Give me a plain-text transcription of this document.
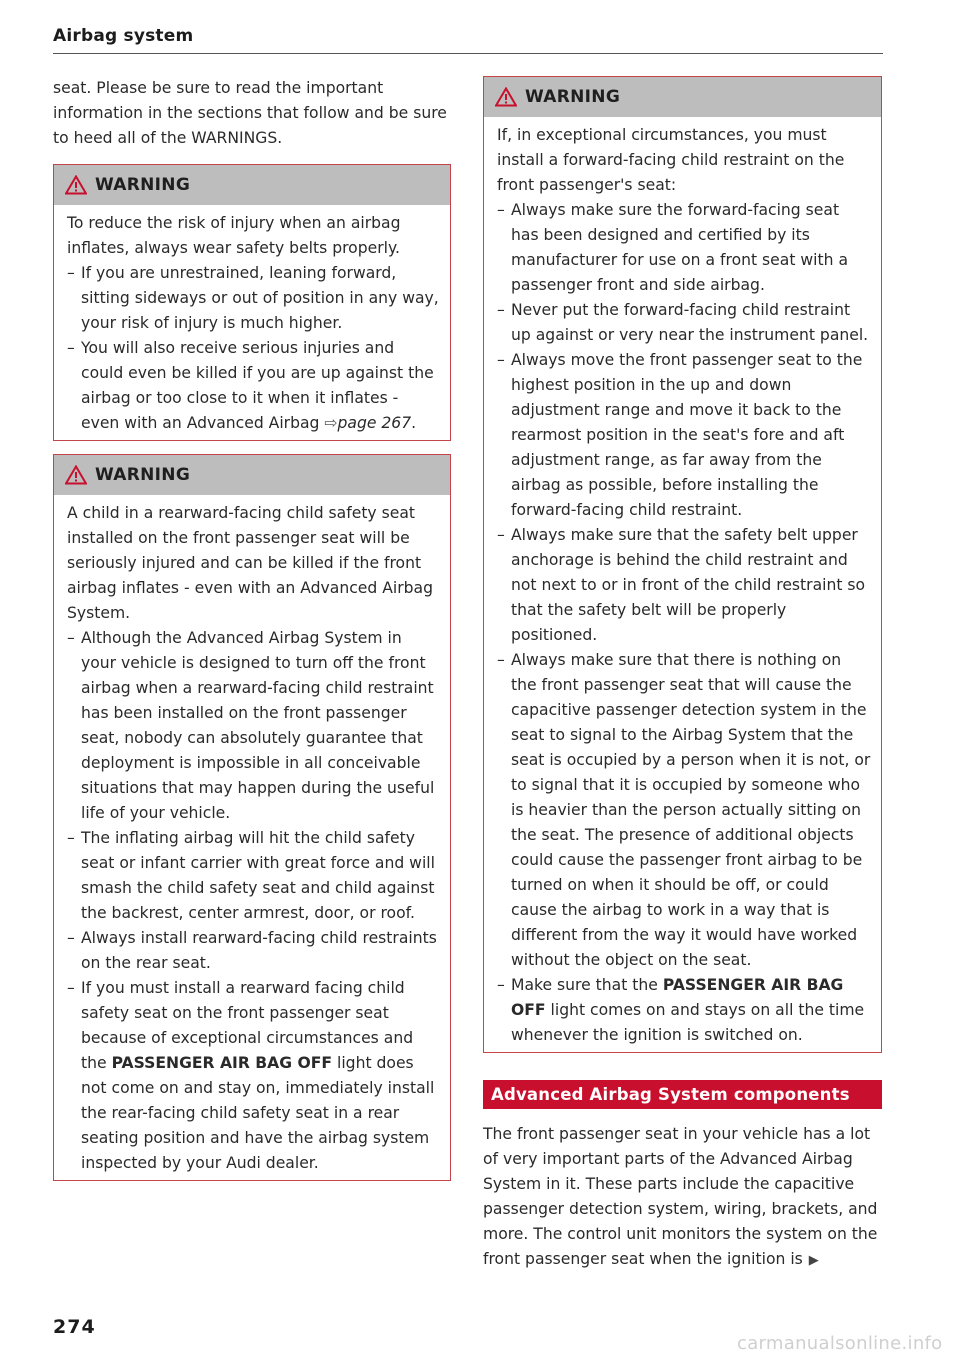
Airbag system

seat. Please be sure to read the important information in the sections that follow and be sure to heed all of the WARNINGS.

WARNING

To reduce the risk of injury when an airbag inflates, always wear safety belts properly.

– If you are unrestrained, leaning forward, sitting sideways or out of position in any way, your risk of injury is much higher.
– You will also receive serious injuries and could even be killed if you are up against the airbag or too close to it when it inflates - even with an Advanced Airbag ⇨page 267.
WARNING

A child in a rearward-facing child safety seat installed on the front passenger seat will be seriously injured and can be killed if the front airbag inflates - even with an Advanced Airbag System.

– Although the Advanced Airbag System in your vehicle is designed to turn off the front airbag when a rearward-facing child restraint has been installed on the front passenger seat, nobody can absolutely guarantee that deployment is impossible in all conceivable situations that may happen during the useful life of your vehicle.
– The inflating airbag will hit the child safety seat or infant carrier with great force and will smash the child safety seat and child against the backrest, center armrest, door, or roof.
– Always install rearward-facing child restraints on the rear seat.
– If you must install a rearward facing child safety seat on the front passenger seat because of exceptional circumstances and the PASSENGER AIR BAG OFF light does not come on and stay on, immediately install the rear-facing child safety seat in a rear seating position and have the airbag system inspected by your Audi dealer.
WARNING

If, in exceptional circumstances, you must install a forward-facing child restraint on the front passenger's seat:

– Always make sure the forward-facing seat has been designed and certified by its manufacturer for use on a front seat with a passenger front and side airbag.
– Never put the forward-facing child restraint up against or very near the instrument panel.
– Always move the front passenger seat to the highest position in the up and down adjustment range and move it back to the rearmost position in the seat's fore and aft adjustment range, as far away from the airbag as possible, before installing the forward-facing child restraint.
– Always make sure that the safety belt upper anchorage is behind the child restraint and not next to or in front of the child restraint so that the safety belt will be properly positioned.
– Always make sure that there is nothing on the front passenger seat that will cause the capacitive passenger detection system in the seat to signal to the Airbag System that the seat is occupied by a person when it is not, or to signal that it is occupied by someone who is heavier than the person actually sitting on the seat. The presence of additional objects could cause the passenger front airbag to be turned on when it should be off, or could cause the airbag to work in a way that is different from the way it would have worked without the object on the seat.
– Make sure that the PASSENGER AIR BAG OFF light comes on and stays on all the time whenever the ignition is switched on.
Advanced Airbag System components

The front passenger seat in your vehicle has a lot of very important parts of the Advanced Airbag System in it. These parts include the capacitive passenger detection system, wiring, brackets, and more. The control unit monitors the system on the front passenger seat when the ignition is ▶

274
carmanualsonline.info
